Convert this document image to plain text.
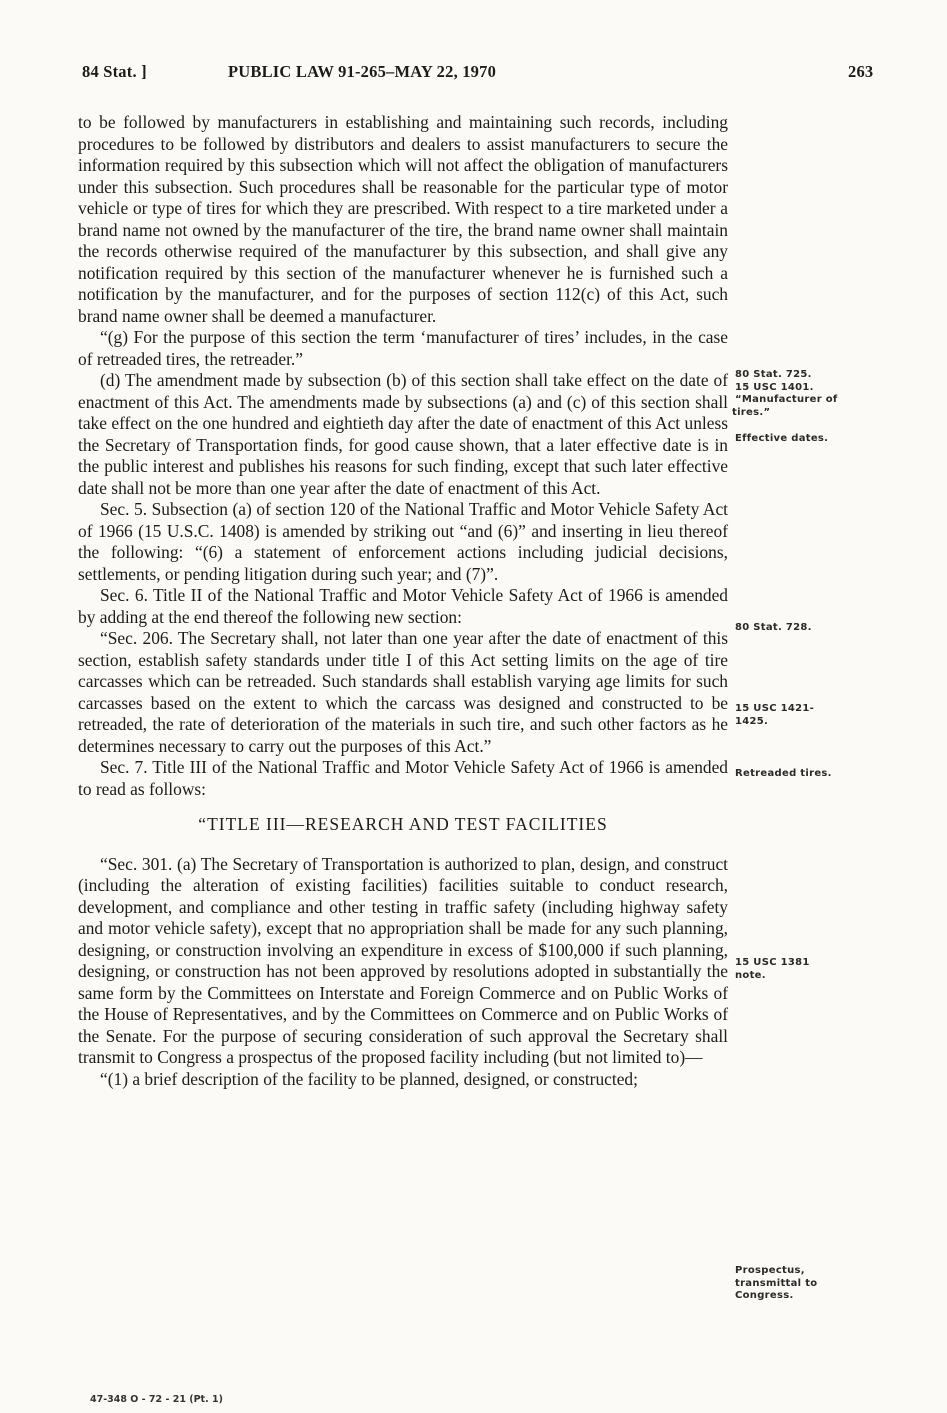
84 Stat. ]	PUBLIC LAW 91-265–MAY 22, 1970	263

to be followed by manufacturers in establishing and maintaining such records, including procedures to be followed by distributors and dealers to assist manufacturers to secure the information required by this subsection which will not affect the obligation of manufacturers under this subsection. Such procedures shall be reasonable for the particular type of motor vehicle or type of tires for which they are prescribed. With respect to a tire marketed under a brand name not owned by the manufacturer of the tire, the brand name owner shall maintain the records otherwise required of the manufacturer by this subsection, and shall give any notification required by this section of the manufacturer whenever he is furnished such a notification by the manufacturer, and for the purposes of section 112(c) of this Act, such brand name owner shall be deemed a manufacturer.

“(g) For the purpose of this section the term ‘manufacturer of tires’ includes, in the case of retreaded tires, the retreader.”

(d) The amendment made by subsection (b) of this section shall take effect on the date of enactment of this Act. The amendments made by subsections (a) and (c) of this section shall take effect on the one hundred and eightieth day after the date of enactment of this Act unless the Secretary of Transportation finds, for good cause shown, that a later effective date is in the public interest and publishes his reasons for such finding, except that such later effective date shall not be more than one year after the date of enactment of this Act.

Sec. 5. Subsection (a) of section 120 of the National Traffic and Motor Vehicle Safety Act of 1966 (15 U.S.C. 1408) is amended by striking out “and (6)” and inserting in lieu thereof the following: “(6) a statement of enforcement actions including judicial decisions, settlements, or pending litigation during such year; and (7)”.

Sec. 6. Title II of the National Traffic and Motor Vehicle Safety Act of 1966 is amended by adding at the end thereof the following new section:

“Sec. 206. The Secretary shall, not later than one year after the date of enactment of this section, establish safety standards under title I of this Act setting limits on the age of tire carcasses which can be retreaded. Such standards shall establish varying age limits for such carcasses based on the extent to which the carcass was designed and constructed to be retreaded, the rate of deterioration of the materials in such tire, and such other factors as he determines necessary to carry out the purposes of this Act.”

Sec. 7. Title III of the National Traffic and Motor Vehicle Safety Act of 1966 is amended to read as follows:

“TITLE III—RESEARCH AND TEST FACILITIES

“Sec. 301. (a) The Secretary of Transportation is authorized to plan, design, and construct (including the alteration of existing facilities) facilities suitable to conduct research, development, and compliance and other testing in traffic safety (including highway safety and motor vehicle safety), except that no appropriation shall be made for any such planning, designing, or construction involving an expenditure in excess of $100,000 if such planning, designing, or construction has not been approved by resolutions adopted in substantially the same form by the Committees on Interstate and Foreign Commerce and on Public Works of the House of Representatives, and by the Committees on Commerce and on Public Works of the Senate. For the purpose of securing consideration of such approval the Secretary shall transmit to Congress a prospectus of the proposed facility including (but not limited to)—

“(1) a brief description of the facility to be planned, designed, or constructed;

80 Stat. 725.
15 USC 1401.
“Manufacturer of
tires.”
Effective dates.
80 Stat. 728.
15 USC 1421-
1425.
Retreaded tires.
15 USC 1381
note.
Prospectus,
transmittal to
Congress.
47-348 O - 72 - 21 (Pt. 1)
